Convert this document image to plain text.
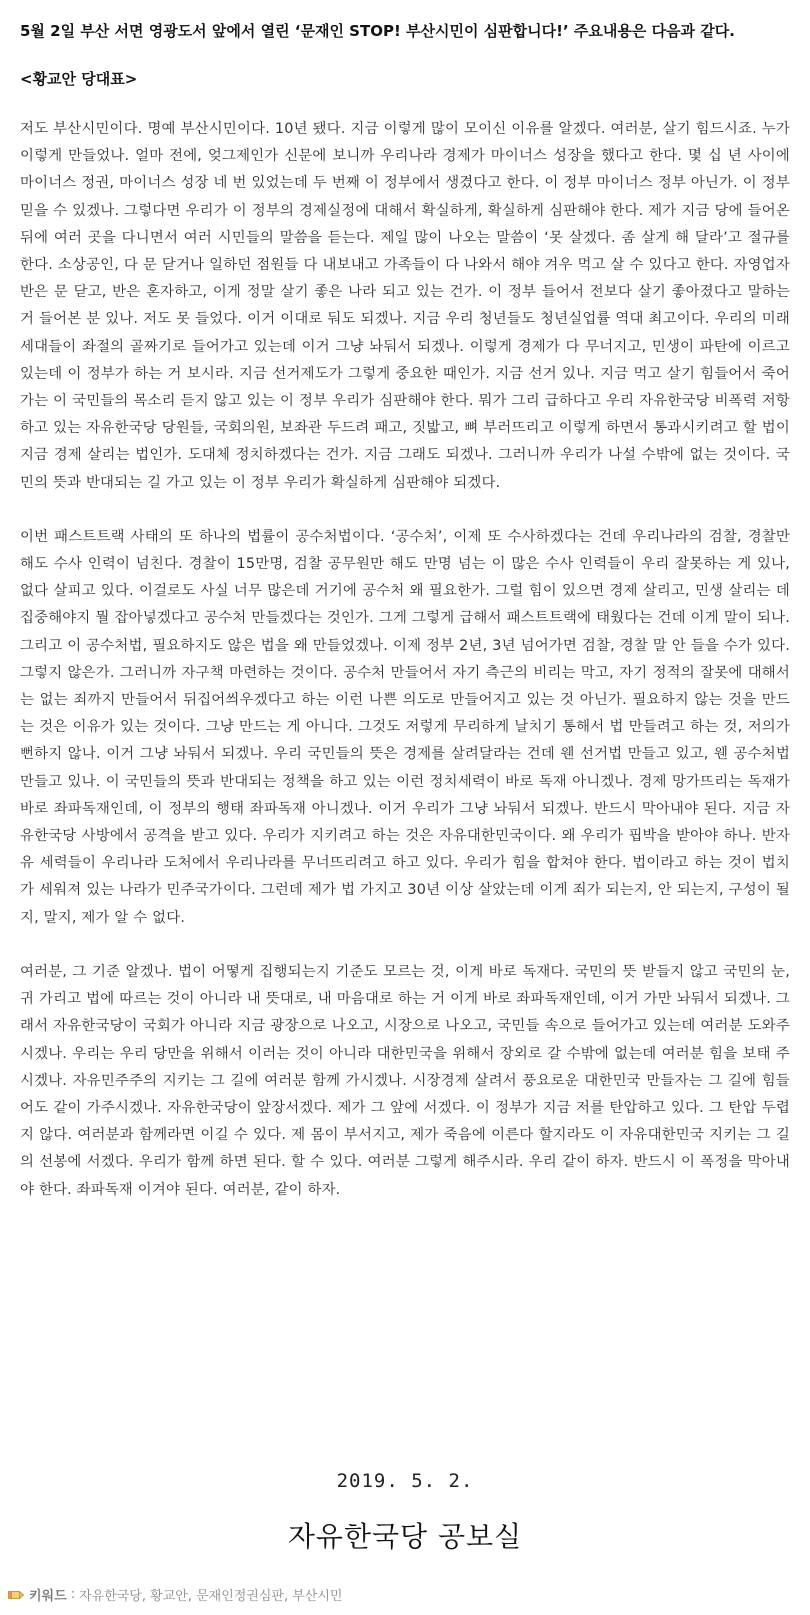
5월 2일 부산 서면 영광도서 앞에서 열린 ‘문재인 STOP! 부산시민이 심판합니다!’ 주요내용은 다음과 같다.

<황교안 당대표>

저도 부산시민이다. 명예 부산시민이다. 10년 됐다. 지금 이렇게 많이 모이신 이유를 알겠다. 여러분, 살기 힘드시죠. 누가 이렇게 만들었나. 얼마 전에, 엊그제인가 신문에 보니까 우리나라 경제가 마이너스 성장을 했다고 한다. 몇 십 년 사이에 마이너스 정권, 마이너스 성장 네 번 있었는데 두 번째 이 정부에서 생겼다고 한다. 이 정부 마이너스 정부 아닌가. 이 정부 믿을 수 있겠나. 그렇다면 우리가 이 정부의 경제실정에 대해서 확실하게, 확실하게 심판해야 한다. 제가 지금 당에 들어온 뒤에 여러 곳을 다니면서 여러 시민들의 말씀을 듣는다. 제일 많이 나오는 말씀이 ‘못 살겠다. 좀 살게 해 달라’고 절규를 한다. 소상공인, 다 문 닫거나 일하던 점원들 다 내보내고 가족들이 다 나와서 해야 겨우 먹고 살 수 있다고 한다. 자영업자 반은 문 닫고, 반은 혼자하고, 이게 정말 살기 좋은 나라 되고 있는 건가. 이 정부 들어서 전보다 살기 좋아졌다고 말하는 거 들어본 분 있나. 저도 못 들었다. 이거 이대로 둬도 되겠나. 지금 우리 청년들도 청년실업률 역대 최고이다. 우리의 미래세대들이 좌절의 골짜기로 들어가고 있는데 이거 그냥 놔둬서 되겠나. 이렇게 경제가 다 무너지고, 민생이 파탄에 이르고 있는데 이 정부가 하는 거 보시라. 지금 선거제도가 그렇게 중요한 때인가. 지금 선거 있나. 지금 먹고 살기 힘들어서 죽어가는 이 국민들의 목소리 듣지 않고 있는 이 정부 우리가 심판해야 한다. 뭐가 그리 급하다고 우리 자유한국당 비폭력 저항하고 있는 자유한국당 당원들, 국회의원, 보좌관 두드려 패고, 짓밟고, 뼈 부러뜨리고 이렇게 하면서 통과시키려고 할 법이 지금 경제 살리는 법인가. 도대체 정치하겠다는 건가. 지금 그래도 되겠나. 그러니까 우리가 나설 수밖에 없는 것이다. 국민의 뜻과 반대되는 길 가고 있는 이 정부 우리가 확실하게 심판해야 되겠다.

이번 패스트트랙 사태의 또 하나의 법률이 공수처법이다. ‘공수처’, 이제 또 수사하겠다는 건데 우리나라의 검찰, 경찰만 해도 수사 인력이 넘친다. 경찰이 15만명, 검찰 공무원만 해도 만명 넘는 이 많은 수사 인력들이 우리 잘못하는 게 있나, 없다 살피고 있다. 이걸로도 사실 너무 많은데 거기에 공수처 왜 필요한가. 그럴 힘이 있으면 경제 살리고, 민생 살리는 데 집중해야지 뭘 잡아넣겠다고 공수처 만들겠다는 것인가. 그게 그렇게 급해서 패스트트랙에 태웠다는 건데 이게 말이 되나. 그리고 이 공수처법, 필요하지도 않은 법을 왜 만들었겠나. 이제 정부 2년, 3년 넘어가면 검찰, 경찰 말 안 들을 수가 있다. 그렇지 않은가. 그러니까 자구책 마련하는 것이다. 공수처 만들어서 자기 측근의 비리는 막고, 자기 정적의 잘못에 대해서는 없는 죄까지 만들어서 뒤집어씌우겠다고 하는 이런 나쁜 의도로 만들어지고 있는 것 아닌가. 필요하지 않는 것을 만드는 것은 이유가 있는 것이다. 그냥 만드는 게 아니다. 그것도 저렇게 무리하게 날치기 통해서 법 만들려고 하는 것, 저의가 뻔하지 않나. 이거 그냥 놔둬서 되겠나. 우리 국민들의 뜻은 경제를 살려달라는 건데 웬 선거법 만들고 있고, 웬 공수처법 만들고 있나. 이 국민들의 뜻과 반대되는 정책을 하고 있는 이런 정치세력이 바로 독재 아니겠나. 경제 망가뜨리는 독재가 바로 좌파독재인데, 이 정부의 행태 좌파독재 아니겠나. 이거 우리가 그냥 놔둬서 되겠나. 반드시 막아내야 된다. 지금 자유한국당 사방에서 공격을 받고 있다. 우리가 지키려고 하는 것은 자유대한민국이다. 왜 우리가 핍박을 받아야 하나. 반자유 세력들이 우리나라 도처에서 우리나라를 무너뜨리려고 하고 있다. 우리가 힘을 합쳐야 한다. 법이라고 하는 것이 법치가 세워져 있는 나라가 민주국가이다. 그런데 제가 법 가지고 30년 이상 살았는데 이게 죄가 되는지, 안 되는지, 구성이 될지, 말지, 제가 알 수 없다.

여러분, 그 기준 알겠나. 법이 어떻게 집행되는지 기준도 모르는 것, 이게 바로 독재다. 국민의 뜻 받들지 않고 국민의 눈, 귀 가리고 법에 따르는 것이 아니라 내 뜻대로, 내 마음대로 하는 거 이게 바로 좌파독재인데, 이거 가만 놔둬서 되겠나. 그래서 자유한국당이 국회가 아니라 지금 광장으로 나오고, 시장으로 나오고, 국민들 속으로 들어가고 있는데 여러분 도와주시겠나. 우리는 우리 당만을 위해서 이러는 것이 아니라 대한민국을 위해서 장외로 갈 수밖에 없는데 여러분 힘을 보태 주시겠나. 자유민주주의 지키는 그 길에 여러분 함께 가시겠나. 시장경제 살려서 풍요로운 대한민국 만들자는 그 길에 힘들어도 같이 가주시겠나. 자유한국당이 앞장서겠다. 제가 그 앞에 서겠다. 이 정부가 지금 저를 탄압하고 있다. 그 탄압 두렵지 않다. 여러분과 함께라면 이길 수 있다. 제 몸이 부서지고, 제가 죽음에 이른다 할지라도 이 자유대한민국 지키는 그 길의 선봉에 서겠다. 우리가 함께 하면 된다. 할 수 있다. 여러분 그렇게 해주시라. 우리 같이 하자. 반드시 이 폭정을 막아내야 한다. 좌파독재 이겨야 된다. 여러분, 같이 하자.

2019. 5. 2.
자유한국당 공보실
키워드 : 자유한국당, 황교안, 문재인정권심판, 부산시민
